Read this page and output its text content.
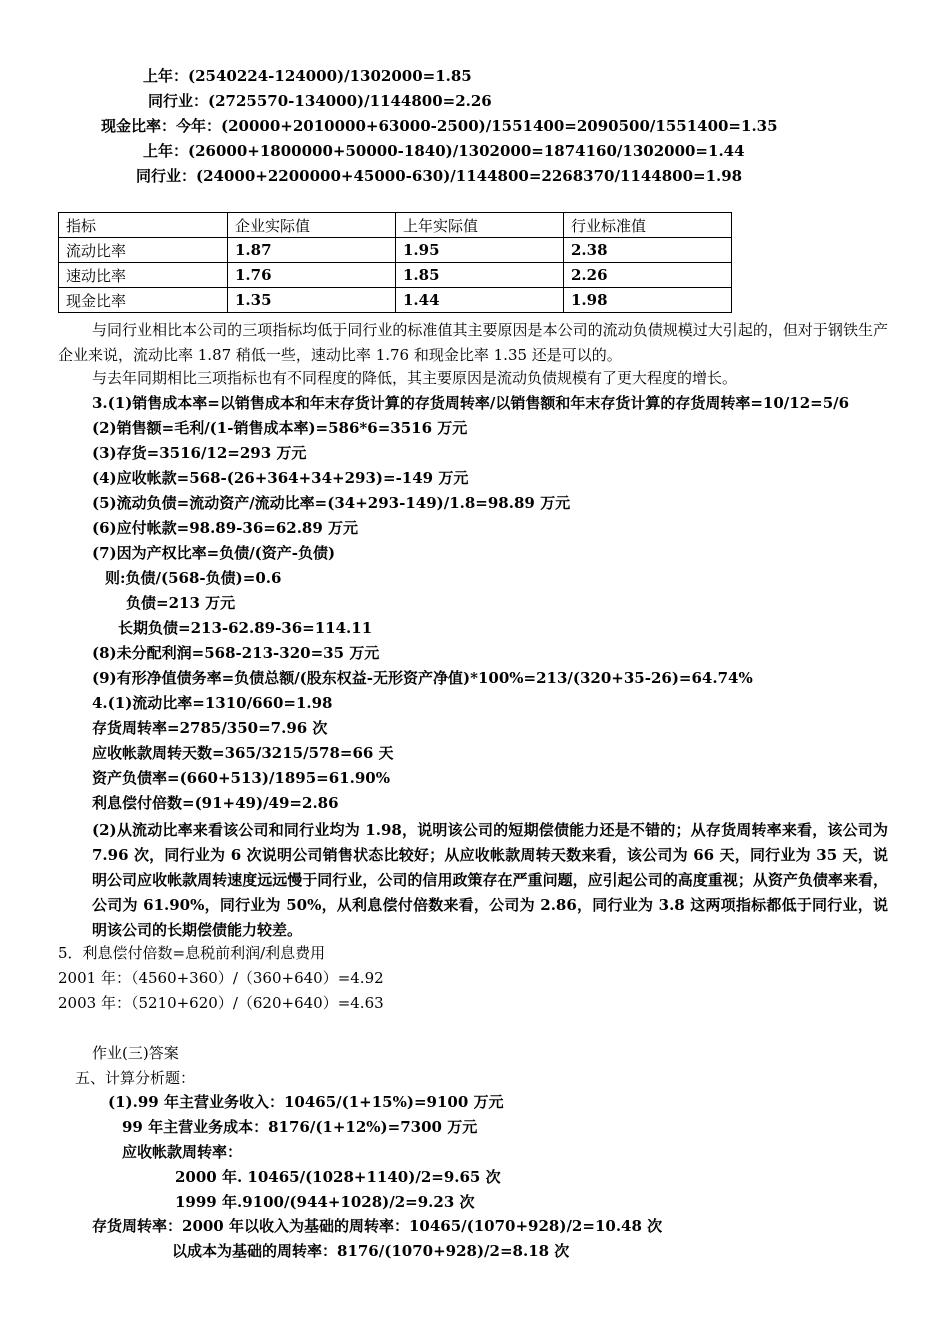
上年：(2540224-124000)/1302000=1.85
同行业：(2725570-134000)/1144800=2.26
现金比率：今年：(20000+2010000+63000-2500)/1551400=2090500/1551400=1.35
上年：(26000+1800000+50000-1840)/1302000=1874160/1302000=1.44
同行业：(24000+2200000+45000-630)/1144800=2268370/1144800=1.98
指标	企业实际值	上年实际值	行业标准值
流动比率	1.87	1.95	2.38
速动比率	1.76	1.85	2.26
现金比率	1.35	1.44	1.98
与同行业相比本公司的三项指标均低于同行业的标准值其主要原因是本公司的流动负债规模过大引起的，但对于钢铁生产企业来说，流动比率 1.87 稍低一些，速动比率 1.76 和现金比率 1.35 还是可以的。
与去年同期相比三项指标也有不同程度的降低，其主要原因是流动负债规模有了更大程度的增长。
3.(1)销售成本率=以销售成本和年末存货计算的存货周转率/以销售额和年末存货计算的存货周转率=10/12=5/6
(2)销售额=毛利/(1-销售成本率)=586*6=3516 万元
(3)存货=3516/12=293 万元
(4)应收帐款=568-(26+364+34+293)=-149 万元
(5)流动负债=流动资产/流动比率=(34+293-149)/1.8=98.89 万元
(6)应付帐款=98.89-36=62.89 万元
(7)因为产权比率=负债/(资产-负债)
则:负债/(568-负债)=0.6
负债=213 万元
长期负债=213-62.89-36=114.11
(8)未分配利润=568-213-320=35 万元
(9)有形净值债务率=负债总额/(股东权益-无形资产净值)*100%=213/(320+35-26)=64.74%
4.(1)流动比率=1310/660=1.98
存货周转率=2785/350=7.96 次
应收帐款周转天数=365/3215/578=66 天
资产负债率=(660+513)/1895=61.90%
利息偿付倍数=(91+49)/49=2.86
(2)从流动比率来看该公司和同行业均为 1.98，说明该公司的短期偿债能力还是不错的；从存货周转率来看，该公司为 7.96 次，同行业为 6 次说明公司销售状态比较好；从应收帐款周转天数来看，该公司为 66 天，同行业为 35 天，说明公司应收帐款周转速度远远慢于同行业，公司的信用政策存在严重问题，应引起公司的高度重视；从资产负债率来看，公司为 61.90%，同行业为 50%，从利息偿付倍数来看，公司为 2.86，同行业为 3.8 这两项指标都低于同行业，说明该公司的长期偿债能力较差。
5．利息偿付倍数=息税前利润/利息费用
2001 年：（4560+360）/（360+640）=4.92
2003 年：（5210+620）/（620+640）=4.63
作业(三)答案
五、计算分析题：
(1).99 年主营业务收入：10465/(1+15%)=9100 万元
99 年主营业务成本：8176/(1+12%)=7300 万元
应收帐款周转率：
2000 年. 10465/(1028+1140)/2=9.65 次
1999 年.9100/(944+1028)/2=9.23 次
存货周转率：2000 年以收入为基础的周转率：10465/(1070+928)/2=10.48 次
以成本为基础的周转率：8176/(1070+928)/2=8.18 次
